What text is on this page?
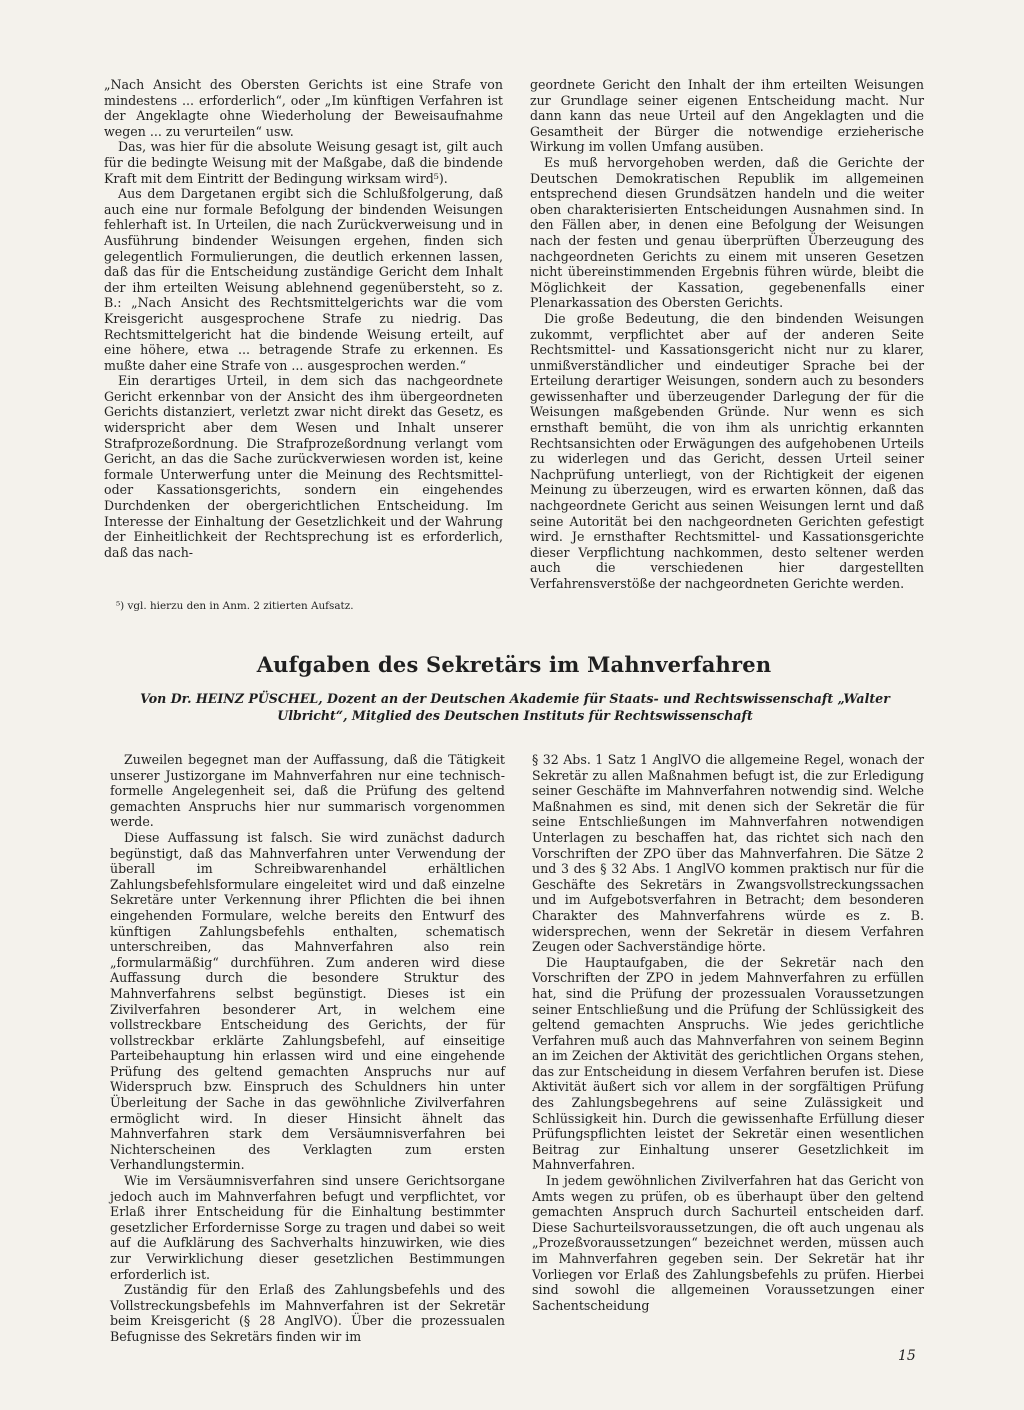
„Nach Ansicht des Obersten Gerichts ist eine Strafe von mindestens ... erforderlich“, oder „Im künftigen Verfahren ist der Angeklagte ohne Wiederholung der Beweisaufnahme wegen ... zu verurteilen“ usw.

Das, was hier für die absolute Weisung gesagt ist, gilt auch für die bedingte Weisung mit der Maßgabe, daß die bindende Kraft mit dem Eintritt der Bedingung wirksam wird⁵).

Aus dem Dargetanen ergibt sich die Schlußfolgerung, daß auch eine nur formale Befolgung der bindenden Weisungen fehlerhaft ist. In Urteilen, die nach Zurückverweisung und in Ausführung bindender Weisungen ergehen, finden sich gelegentlich Formulierungen, die deutlich erkennen lassen, daß das für die Entscheidung zuständige Gericht dem Inhalt der ihm erteilten Weisung ablehnend gegenübersteht, so z. B.: „Nach Ansicht des Rechtsmittelgerichts war die vom Kreisgericht ausgesprochene Strafe zu niedrig. Das Rechtsmittelgericht hat die bindende Weisung erteilt, auf eine höhere, etwa ... betragende Strafe zu erkennen. Es mußte daher eine Strafe von ... ausgesprochen werden.“

Ein derartiges Urteil, in dem sich das nachgeordnete Gericht erkennbar von der Ansicht des ihm übergeordneten Gerichts distanziert, verletzt zwar nicht direkt das Gesetz, es widerspricht aber dem Wesen und Inhalt unserer Strafprozeßordnung. Die Strafprozeßordnung verlangt vom Gericht, an das die Sache zurückverwiesen worden ist, keine formale Unterwerfung unter die Meinung des Rechtsmittel- oder Kassationsgerichts, sondern ein eingehendes Durchdenken der obergerichtlichen Entscheidung. Im Interesse der Einhaltung der Gesetzlichkeit und der Wahrung der Einheitlichkeit der Rechtsprechung ist es erforderlich, daß das nach-

⁵) vgl. hierzu den in Anm. 2 zitierten Aufsatz.

geordnete Gericht den Inhalt der ihm erteilten Weisungen zur Grundlage seiner eigenen Entscheidung macht. Nur dann kann das neue Urteil auf den Angeklagten und die Gesamtheit der Bürger die notwendige erzieherische Wirkung im vollen Umfang ausüben.

Es muß hervorgehoben werden, daß die Gerichte der Deutschen Demokratischen Republik im allgemeinen entsprechend diesen Grundsätzen handeln und die weiter oben charakterisierten Entscheidungen Ausnahmen sind. In den Fällen aber, in denen eine Befolgung der Weisungen nach der festen und genau überprüften Überzeugung des nachgeordneten Gerichts zu einem mit unseren Gesetzen nicht übereinstimmenden Ergebnis führen würde, bleibt die Möglichkeit der Kassation, gegebenenfalls einer Plenarkassation des Obersten Gerichts.

Die große Bedeutung, die den bindenden Weisungen zukommt, verpflichtet aber auf der anderen Seite Rechtsmittel- und Kassationsgericht nicht nur zu klarer, unmißverständlicher und eindeutiger Sprache bei der Erteilung derartiger Weisungen, sondern auch zu besonders gewissenhafter und überzeugender Darlegung der für die Weisungen maßgebenden Gründe. Nur wenn es sich ernsthaft bemüht, die von ihm als unrichtig erkannten Rechtsansichten oder Erwägungen des aufgehobenen Urteils zu widerlegen und das Gericht, dessen Urteil seiner Nachprüfung unterliegt, von der Richtigkeit der eigenen Meinung zu überzeugen, wird es erwarten können, daß das nachgeordnete Gericht aus seinen Weisungen lernt und daß seine Autorität bei den nachgeordneten Gerichten gefestigt wird. Je ernsthafter Rechtsmittel- und Kassationsgerichte dieser Verpflichtung nachkommen, desto seltener werden auch die verschiedenen hier dargestellten Verfahrensverstöße der nachgeordneten Gerichte werden.

Aufgaben des Sekretärs im Mahnverfahren
Von Dr. HEINZ PÜSCHEL, Dozent an der Deutschen Akademie für Staats- und Rechtswissenschaft „Walter Ulbricht“, Mitglied des Deutschen Instituts für Rechtswissenschaft

Zuweilen begegnet man der Auffassung, daß die Tätigkeit unserer Justizorgane im Mahnverfahren nur eine technisch-formelle Angelegenheit sei, daß die Prüfung des geltend gemachten Anspruchs hier nur summarisch vorgenommen werde.

Diese Auffassung ist falsch. Sie wird zunächst dadurch begünstigt, daß das Mahnverfahren unter Verwendung der überall im Schreibwarenhandel erhältlichen Zahlungsbefehlsformulare eingeleitet wird und daß einzelne Sekretäre unter Verkennung ihrer Pflichten die bei ihnen eingehenden Formulare, welche bereits den Entwurf des künftigen Zahlungsbefehls enthalten, schematisch unterschreiben, das Mahnverfahren also rein „formularmäßig“ durchführen. Zum anderen wird diese Auffassung durch die besondere Struktur des Mahnverfahrens selbst begünstigt. Dieses ist ein Zivilverfahren besonderer Art, in welchem eine vollstreckbare Entscheidung des Gerichts, der für vollstreckbar erklärte Zahlungsbefehl, auf einseitige Parteibehauptung hin erlassen wird und eine eingehende Prüfung des geltend gemachten Anspruchs nur auf Widerspruch bzw. Einspruch des Schuldners hin unter Überleitung der Sache in das gewöhnliche Zivilverfahren ermöglicht wird. In dieser Hinsicht ähnelt das Mahnverfahren stark dem Versäumnisverfahren bei Nichterscheinen des Verklagten zum ersten Verhandlungstermin.

Wie im Versäumnisverfahren sind unsere Gerichtsorgane jedoch auch im Mahnverfahren befugt und verpflichtet, vor Erlaß ihrer Entscheidung für die Einhaltung bestimmter gesetzlicher Erfordernisse Sorge zu tragen und dabei so weit auf die Aufklärung des Sachverhalts hinzuwirken, wie dies zur Verwirklichung dieser gesetzlichen Bestimmungen erforderlich ist.

Zuständig für den Erlaß des Zahlungsbefehls und des Vollstreckungsbefehls im Mahnverfahren ist der Sekretär beim Kreisgericht (§ 28 AnglVO). Über die prozessualen Befugnisse des Sekretärs finden wir im

§ 32 Abs. 1 Satz 1 AnglVO die allgemeine Regel, wonach der Sekretär zu allen Maßnahmen befugt ist, die zur Erledigung seiner Geschäfte im Mahnverfahren notwendig sind. Welche Maßnahmen es sind, mit denen sich der Sekretär die für seine Entschließungen im Mahnverfahren notwendigen Unterlagen zu beschaffen hat, das richtet sich nach den Vorschriften der ZPO über das Mahnverfahren. Die Sätze 2 und 3 des § 32 Abs. 1 AnglVO kommen praktisch nur für die Geschäfte des Sekretärs in Zwangsvollstreckungssachen und im Aufgebotsverfahren in Betracht; dem besonderen Charakter des Mahnverfahrens würde es z. B. widersprechen, wenn der Sekretär in diesem Verfahren Zeugen oder Sachverständige hörte.

Die Hauptaufgaben, die der Sekretär nach den Vorschriften der ZPO in jedem Mahnverfahren zu erfüllen hat, sind die Prüfung der prozessualen Voraussetzungen seiner Entschließung und die Prüfung der Schlüssigkeit des geltend gemachten Anspruchs. Wie jedes gerichtliche Verfahren muß auch das Mahnverfahren von seinem Beginn an im Zeichen der Aktivität des gerichtlichen Organs stehen, das zur Entscheidung in diesem Verfahren berufen ist. Diese Aktivität äußert sich vor allem in der sorgfältigen Prüfung des Zahlungsbegehrens auf seine Zulässigkeit und Schlüssigkeit hin. Durch die gewissenhafte Erfüllung dieser Prüfungspflichten leistet der Sekretär einen wesentlichen Beitrag zur Einhaltung unserer Gesetzlichkeit im Mahnverfahren.

In jedem gewöhnlichen Zivilverfahren hat das Gericht von Amts wegen zu prüfen, ob es überhaupt über den geltend gemachten Anspruch durch Sachurteil entscheiden darf. Diese Sachurteilsvoraussetzungen, die oft auch ungenau als „Prozeßvoraussetzungen“ bezeichnet werden, müssen auch im Mahnverfahren gegeben sein. Der Sekretär hat ihr Vorliegen vor Erlaß des Zahlungsbefehls zu prüfen. Hierbei sind sowohl die allgemeinen Voraussetzungen einer Sachentscheidung

15
